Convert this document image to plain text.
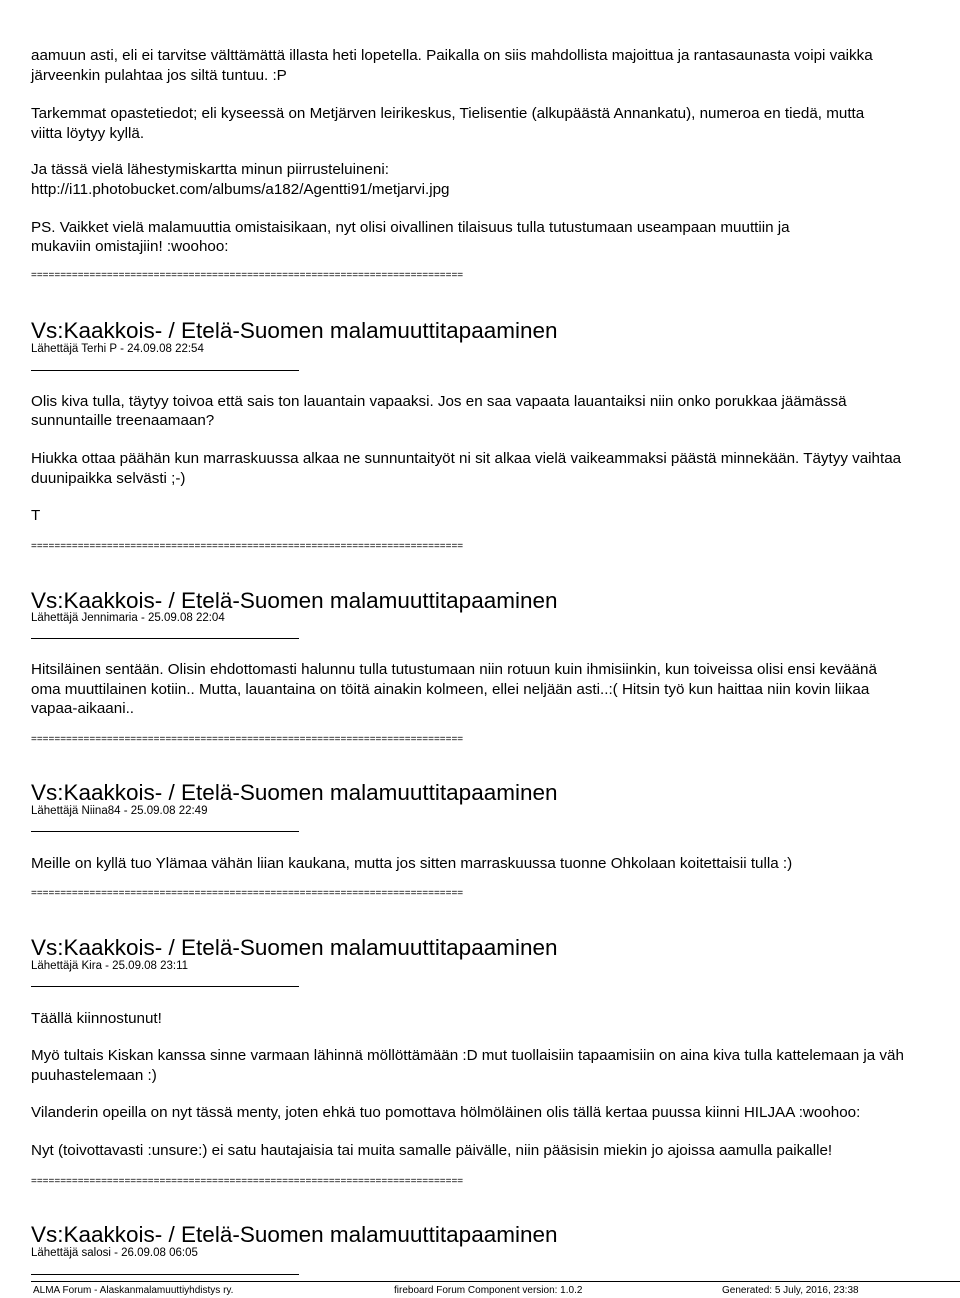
aamuun asti, eli ei tarvitse välttämättä illasta heti lopetella. Paikalla on siis mahdollista majoittua ja rantasaunasta voipi vaikka
järveenkin pulahtaa jos siltä tuntuu. :P
Tarkemmat opastetiedot; eli kyseessä on Metjärven leirikeskus, Tielisentie (alkupäästä Annankatu), numeroa en tiedä, mutta
viitta löytyy kyllä.
Ja tässä vielä lähestymiskartta minun piirrusteluineni:
http://i11.photobucket.com/albums/a182/Agentti91/metjarvi.jpg
PS. Vaikket vielä malamuuttia omistaisikaan, nyt olisi oivallinen tilaisuus tulla tutustumaan useampaan muuttiin ja
mukaviin omistajiin! :woohoo:
==========================================================================
Vs:Kaakkois- / Etelä-Suomen malamuuttitapaaminen
Lähettäjä Terhi P - 24.09.08 22:54
Olis kiva tulla, täytyy toivoa että sais ton lauantain vapaaksi. Jos en saa vapaata lauantaiksi niin onko porukkaa jäämässä
sunnuntaille treenaamaan?
Hiukka ottaa päähän kun marraskuussa alkaa ne sunnuntaityöt ni sit alkaa vielä vaikeammaksi päästä minnekään. Täytyy vaihtaa
duunipaikka selvästi ;-)
T
==========================================================================
Vs:Kaakkois- / Etelä-Suomen malamuuttitapaaminen
Lähettäjä Jennimaria - 25.09.08 22:04
Hitsiläinen sentään. Olisin ehdottomasti halunnu tulla tutustumaan niin rotuun kuin ihmisiinkin, kun toiveissa olisi ensi keväänä
oma muuttilainen kotiin.. Mutta, lauantaina on töitä ainakin kolmeen, ellei neljään asti..:( Hitsin työ kun haittaa niin kovin liikaa
vapaa-aikaani..
==========================================================================
Vs:Kaakkois- / Etelä-Suomen malamuuttitapaaminen
Lähettäjä Niina84 - 25.09.08 22:49
Meille on kyllä tuo Ylämaa vähän liian kaukana, mutta jos sitten marraskuussa tuonne Ohkolaan koitettaisii tulla :)
==========================================================================
Vs:Kaakkois- / Etelä-Suomen malamuuttitapaaminen
Lähettäjä Kira - 25.09.08 23:11
Täällä kiinnostunut!
Myö tultais Kiskan kanssa sinne varmaan lähinnä möllöttämään :D mut tuollaisiin tapaamisiin on aina kiva tulla kattelemaan ja väh
puuhastelemaan :)
Vilanderin opeilla on nyt tässä menty, joten ehkä tuo pomottava hölmöläinen olis tällä kertaa puussa kiinni HILJAA :woohoo:
Nyt (toivottavasti :unsure:) ei satu hautajaisia tai muita samalle päivälle, niin pääsisin miekin jo ajoissa aamulla paikalle!
==========================================================================
Vs:Kaakkois- / Etelä-Suomen malamuuttitapaaminen
Lähettäjä salosi - 26.09.08 06:05
ALMA Forum - Alaskanmalamuuttiyhdistys ry.	fireboard Forum Component version: 1.0.2	Generated: 5 July, 2016, 23:38
